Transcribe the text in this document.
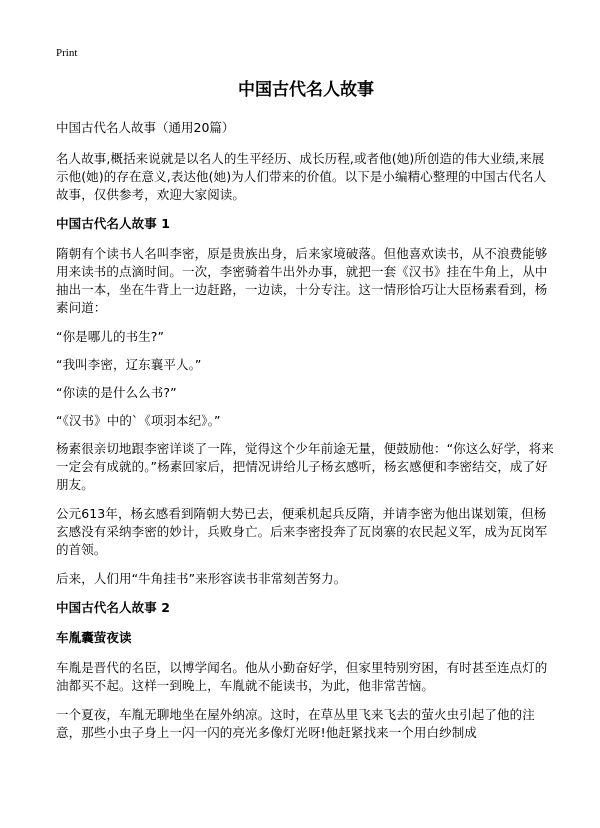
Print
中国古代名人故事
中国古代名人故事（通用20篇）

名人故事,概括来说就是以名人的生平经历、成长历程,或者他(她)所创造的伟大业绩,来展示他(她)的存在意义,表达他(她)为人们带来的价值。以下是小编精心整理的中国古代名人故事，仅供参考，欢迎大家阅读。

中国古代名人故事 1

隋朝有个读书人名叫李密，原是贵族出身，后来家境破落。但他喜欢读书，从不浪费能够用来读书的点滴时间。一次，李密骑着牛出外办事，就把一套《汉书》挂在牛角上，从中抽出一本，坐在牛背上一边赶路，一边读，十分专注。这一情形恰巧让大臣杨素看到，杨素问道：

“你是哪儿的书生?”

“我叫李密，辽东襄平人。”

“你读的是什么么书?”

“《汉书》中的`《项羽本纪》。”

杨素很亲切地跟李密详谈了一阵，觉得这个少年前途无量，便鼓励他：“你这么好学，将来一定会有成就的。”杨素回家后，把情况讲给儿子杨玄感听，杨玄感便和李密结交，成了好朋友。

公元613年，杨玄感看到隋朝大势已去，便乘机起兵反隋，并请李密为他出谋划策，但杨玄感没有采纳李密的妙计，兵败身亡。后来李密投奔了瓦岗寨的农民起义军，成为瓦岗军的首领。

后来，人们用“牛角挂书”来形容读书非常刻苦努力。

中国古代名人故事 2

车胤囊萤夜读

车胤是晋代的名臣，以博学闻名。他从小勤奋好学，但家里特别穷困，有时甚至连点灯的油都买不起。这样一到晚上，车胤就不能读书，为此，他非常苦恼。

一个夏夜，车胤无聊地坐在屋外纳凉。这时，在草丛里飞来飞去的萤火虫引起了他的注意，那些小虫子身上一闪一闪的亮光多像灯光呀!他赶紧找来一个用白纱制成
